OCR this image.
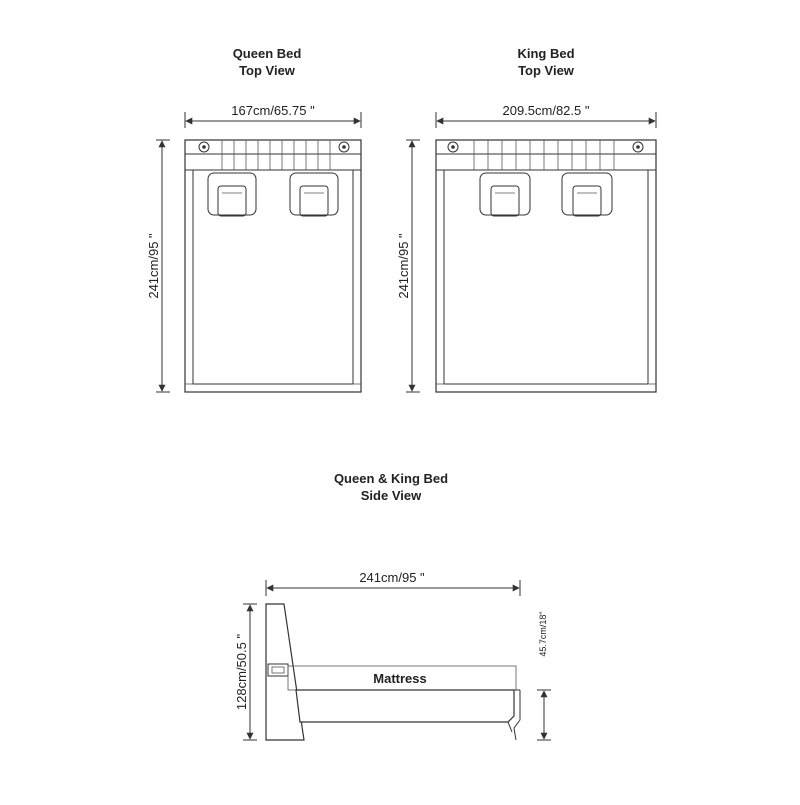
Queen Bed
Top View
167cm/65.75 "
241cm/95 "
King Bed
Top View
209.5cm/82.5 "
241cm/95 "
Queen & King Bed
Side View
241cm/95 "
128cm/50.5 "	45.7cm/18"
Mattress
